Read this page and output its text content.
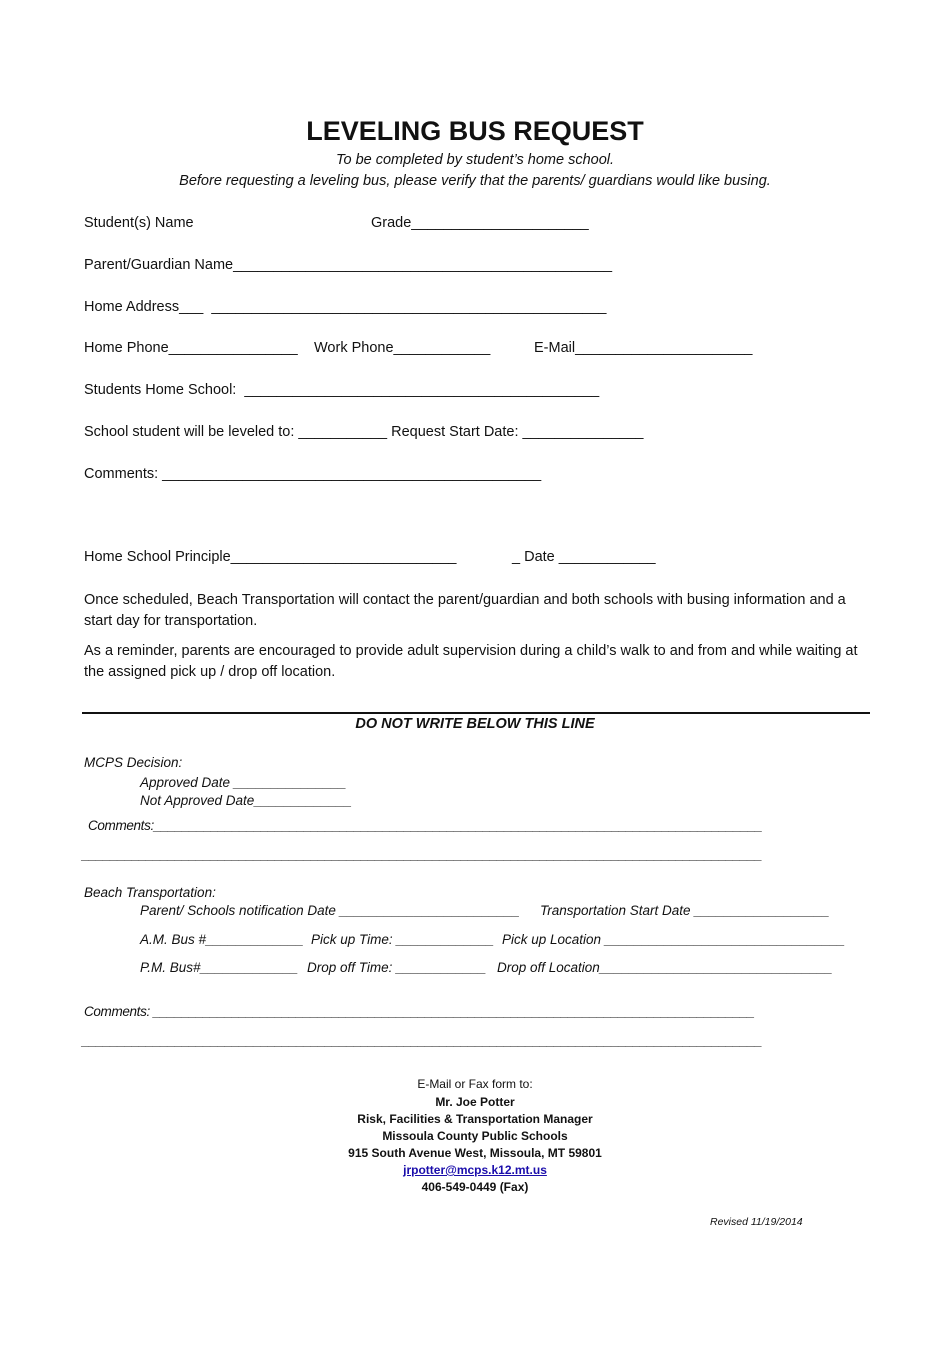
LEVELING BUS REQUEST
To be completed by student’s home school.
Before requesting a leveling bus, please verify that the parents/ guardians would like busing.
Student(s) Name	Grade______________________
Parent/Guardian Name_______________________________________________
Home Address___  _________________________________________________
Home Phone________________ Work Phone____________	E-Mail______________________
Students Home School:  ____________________________________________
School student will be leveled to: ___________ Request Start Date: _______________
Comments: _______________________________________________
Home School Principle____________________________	_ Date ____________
Once scheduled, Beach Transportation will contact the parent/guardian and both schools with busing information and a start day for transportation.
As a reminder, parents are encouraged to provide adult supervision during a child’s walk to and from and while waiting at the assigned pick up / drop off location.
DO NOT WRITE BELOW THIS LINE
MCPS Decision:
Approved Date _______________
Not Approved Date_____________
Comments:_____________________________________________________________________________________
_______________________________________________________________________________________________
Beach Transportation:
Parent/ Schools notification Date ________________________ Transportation Start Date __________________
A.M. Bus #_____________ Pick up Time: _____________ Pick up Location ________________________________
P.M. Bus#_____________ Drop off Time: ____________ Drop off Location_______________________________
Comments: ____________________________________________________________________________________
_______________________________________________________________________________________________
E-Mail or Fax form to:
Mr. Joe Potter
Risk, Facilities & Transportation Manager
Missoula County Public Schools
915 South Avenue West, Missoula, MT 59801
jrpotter@mcps.k12.mt.us
406-549-0449 (Fax)
Revised 11/19/2014
